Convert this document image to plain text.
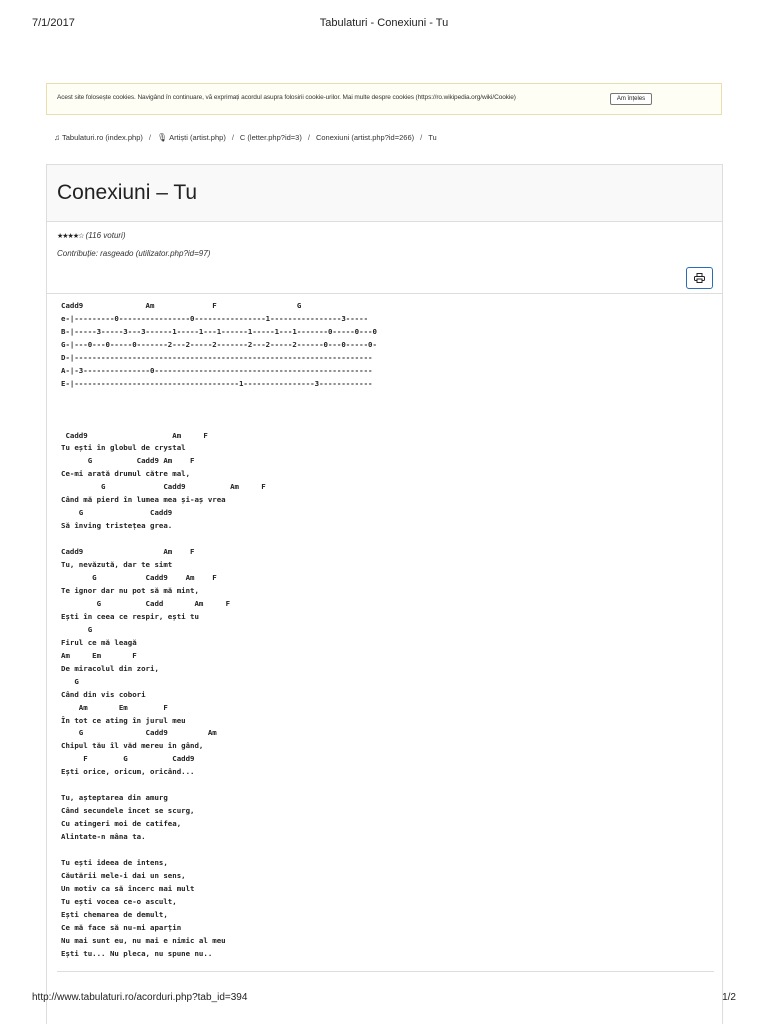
7/1/2017	Tabulaturi - Conexiuni - Tu
Acest site folosește cookies. Navigând în continuare, vă exprimați acordul asupra folosirii cookie-urilor. Mai multe despre cookies (https://ro.wikipedia.org/wiki/Cookie)	Am înțeles
♫ Tabulaturi.ro (index.php) / 🎙 Artiști (artist.php) / C (letter.php?id=3) / Conexiuni (artist.php?id=266) / Tu
Conexiuni – Tu
★★★★☆ (116 voturi)
Contribuție: rasgeado (utilizator.php?id=97)
Cadd9              Am             F                  G
e-|---------0----------------0----------------1----------------3-----
B-|-----3-----3---3------1-----1---1------1-----1---1-------0-----0---0
G-|---0---0-----0-------2---2-----2-------2---2-----2------0---0-----0-
D-|-------------------------------------------------------------------
A-|-3---------------0-------------------------------------------------
E-|-------------------------------------1----------------3------------

Cadd9                   Am     F
Tu ești în globul de crystal
G          Cadd9 Am    F
Ce-mi arată drumul către mal,
G             Cadd9          Am     F
Când mă pierd în lumea mea și-aș vrea
G               Cadd9
Să înving tristețea grea.

Cadd9                  Am    F
Tu, nevăzută, dar te simt
G           Cadd9    Am    F
Te ignor dar nu pot să mă mint,
G          Cadd       Am     F
Ești în ceea ce respir, ești tu
G
Firul ce mă leagă
Am     Em       F
De miracolul din zori,
G
Când din vis cobori
Am       Em        F
În tot ce ating în jurul meu
G              Cadd9         Am
Chipul tău îl văd mereu în gând,
F        G          Cadd9
Ești orice, oricum, oricând...

Tu, așteptarea din amurg
Când secundele încet se scurg,
Cu atingeri moi de catifea,
Alintate-n mâna ta.

Tu ești ideea de intens,
Căutării mele-i dai un sens,
Un motiv ca să încerc mai mult
Tu ești vocea ce-o ascult,
Ești chemarea de demult,
Ce mă face să nu-mi aparțin
Nu mai sunt eu, nu mai e nimic al meu
Ești tu... Nu pleca, nu spune nu..
http://www.tabulaturi.ro/acorduri.php?tab_id=394	1/2
